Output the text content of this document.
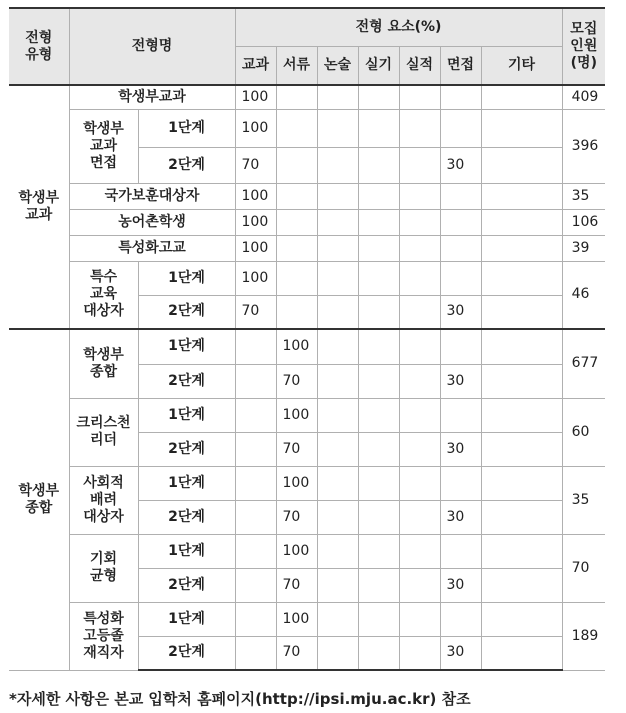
전형
유형	전형명		전형 요소(%)							모집
인원
(명)

			교과	서류	논술	실기	실적	면접	기타	

학생부
교과	학생부교과		100							409

	학생부
교과
면접	1단계	100							396
		2단계	70					30		

	국가보훈대상자		100							35

	농어촌학생		100							106

	특성화고교		100							39

	특수
교육
대상자	1단계	100							46
		2단계	70					30		

학생부
종합	학생부
종합	1단계		100						677
		2단계		70				30		

	크리스천
리더	1단계		100						60
		2단계		70				30		

	사회적
배려
대상자	1단계		100						35
		2단계		70				30		

	기회
균형	1단계		100						70
		2단계		70				30		

	특성화
고등졸
재직자	1단계		100						189
		2단계		70				30		
*자세한 사항은 본교 입학처 홈페이지(http://ipsi.mju.ac.kr) 참조
